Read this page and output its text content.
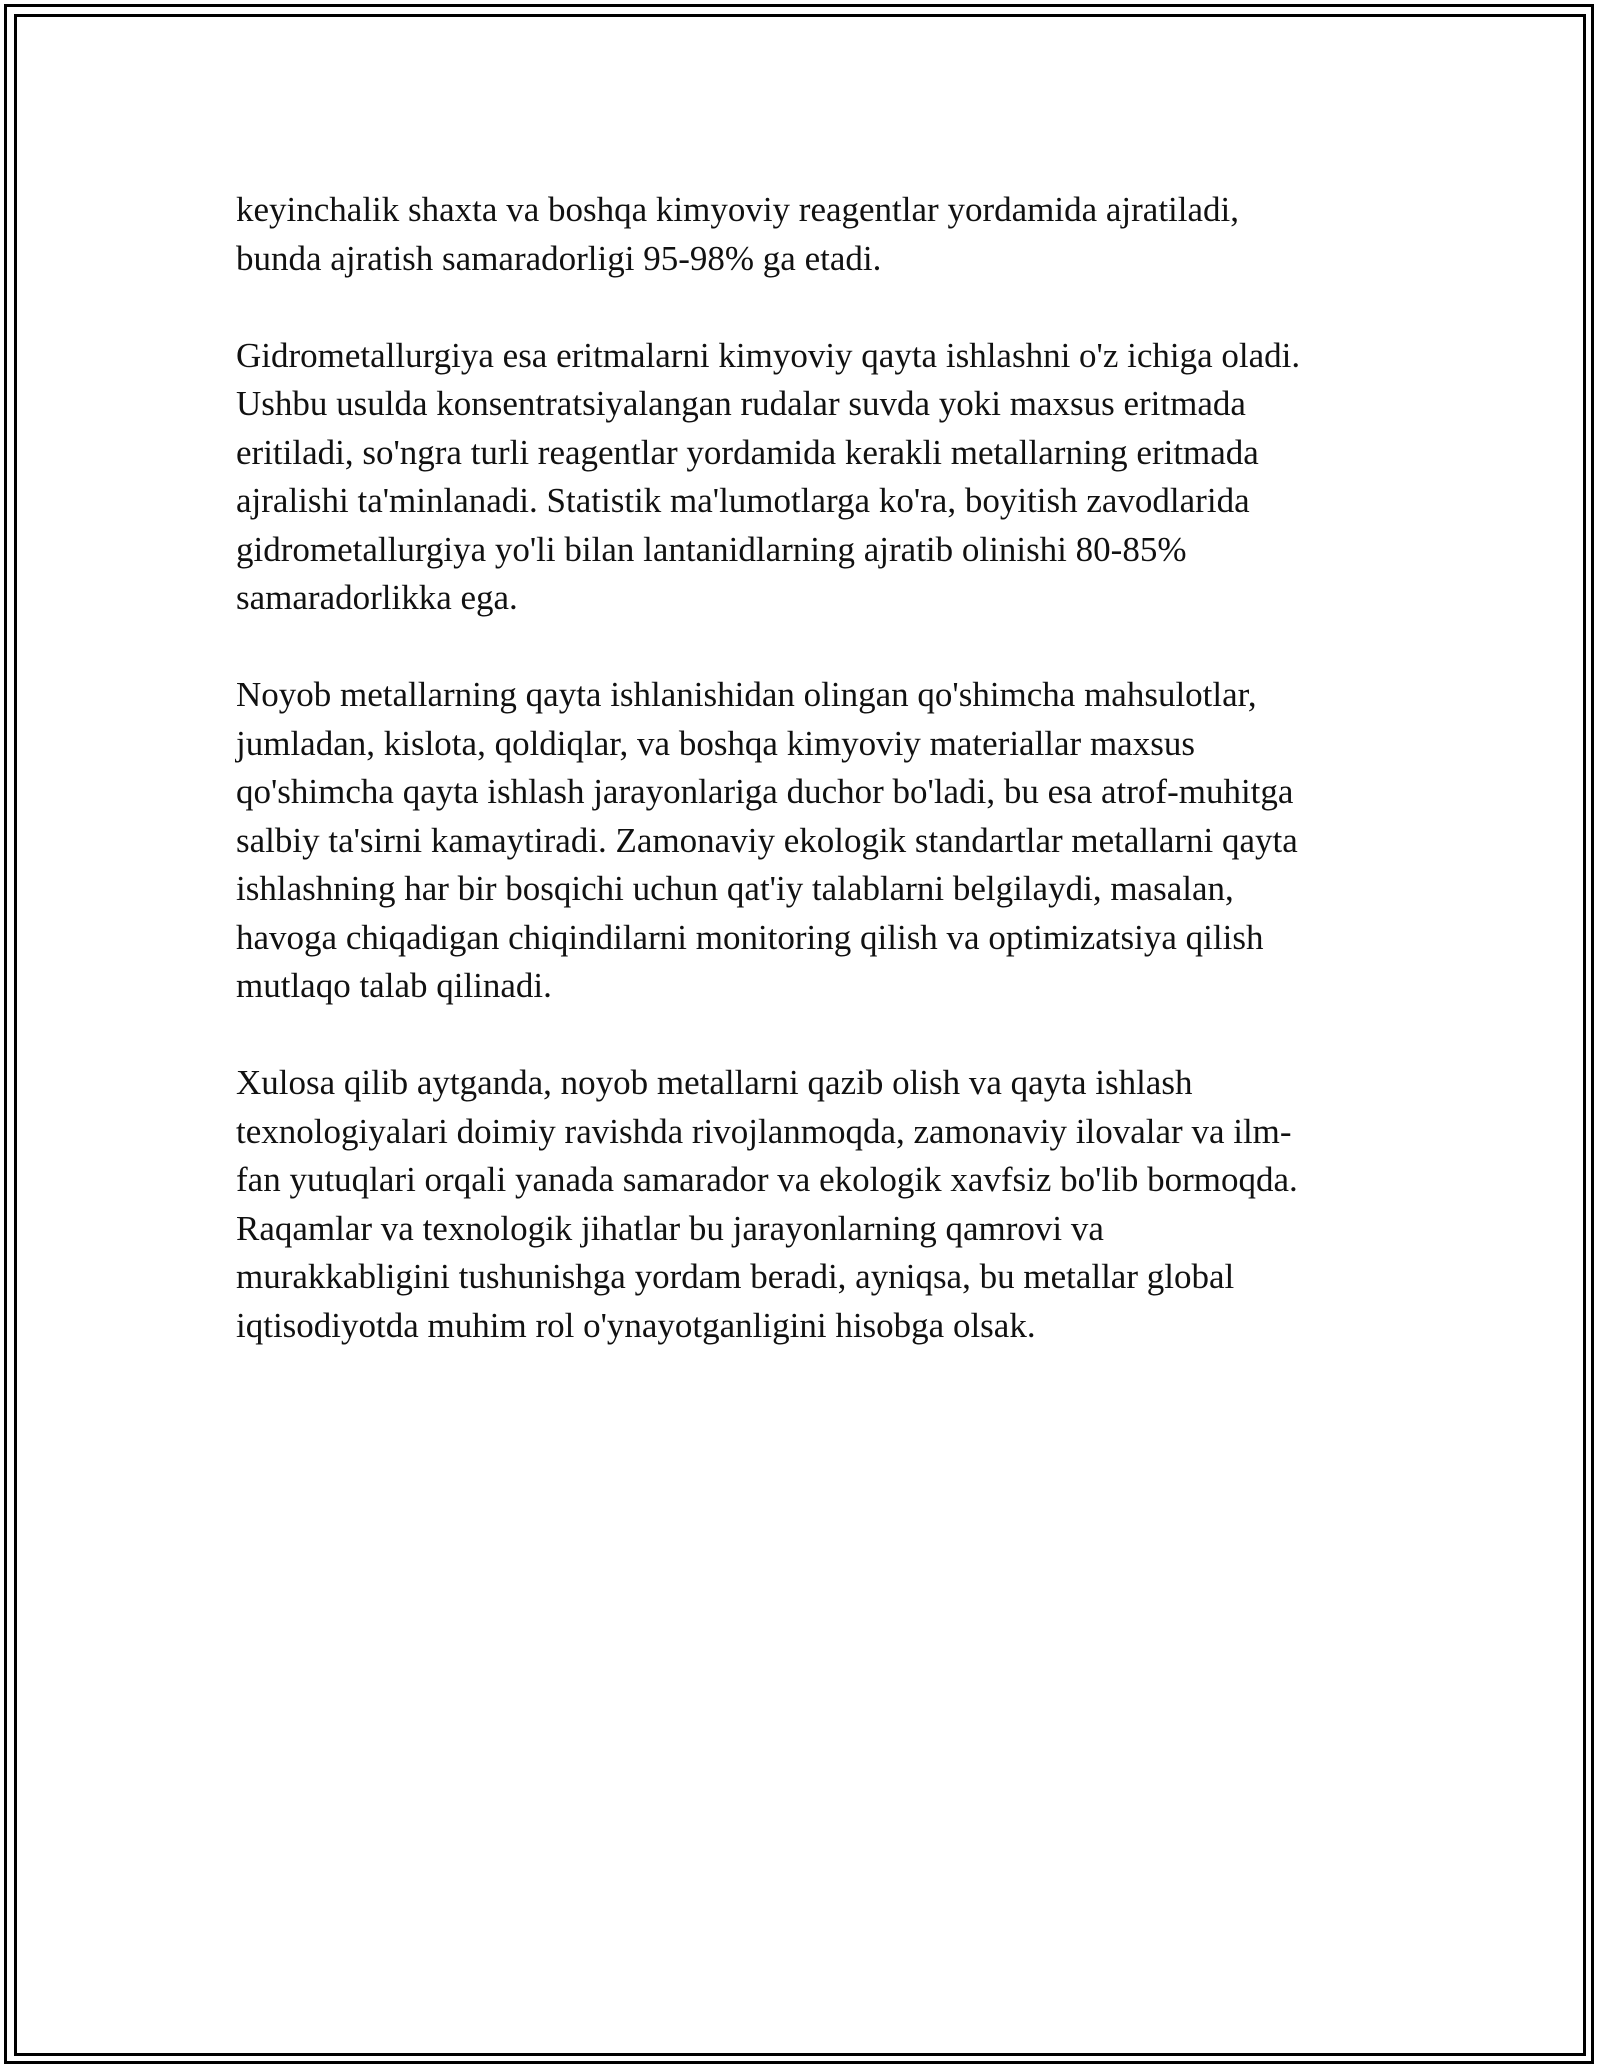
keyinchalik shaxta va boshqa kimyoviy reagentlar yordamida ajratiladi,
bunda ajratish samaradorligi 95-98% ga etadi.

Gidrometallurgiya esa eritmalarni kimyoviy qayta ishlashni o'z ichiga oladi.
Ushbu usulda konsentratsiyalangan rudalar suvda yoki maxsus eritmada
eritiladi, so'ngra turli reagentlar yordamida kerakli metallarning eritmada
ajralishi ta'minlanadi. Statistik ma'lumotlarga ko'ra, boyitish zavodlarida
gidrometallurgiya yo'li bilan lantanidlarning ajratib olinishi 80-85%
samaradorlikka ega.

Noyob metallarning qayta ishlanishidan olingan qo'shimcha mahsulotlar,
jumladan, kislota, qoldiqlar, va boshqa kimyoviy materiallar maxsus
qo'shimcha qayta ishlash jarayonlariga duchor bo'ladi, bu esa atrof-muhitga
salbiy ta'sirni kamaytiradi. Zamonaviy ekologik standartlar metallarni qayta
ishlashning har bir bosqichi uchun qat'iy talablarni belgilaydi, masalan,
havoga chiqadigan chiqindilarni monitoring qilish va optimizatsiya qilish
mutlaqo talab qilinadi.

Xulosa qilib aytganda, noyob metallarni qazib olish va qayta ishlash
texnologiyalari doimiy ravishda rivojlanmoqda, zamonaviy ilovalar va ilm-
fan yutuqlari orqali yanada samarador va ekologik xavfsiz bo'lib bormoqda.
Raqamlar va texnologik jihatlar bu jarayonlarning qamrovi va
murakkabligini tushunishga yordam beradi, ayniqsa, bu metallar global
iqtisodiyotda muhim rol o'ynayotganligini hisobga olsak.
